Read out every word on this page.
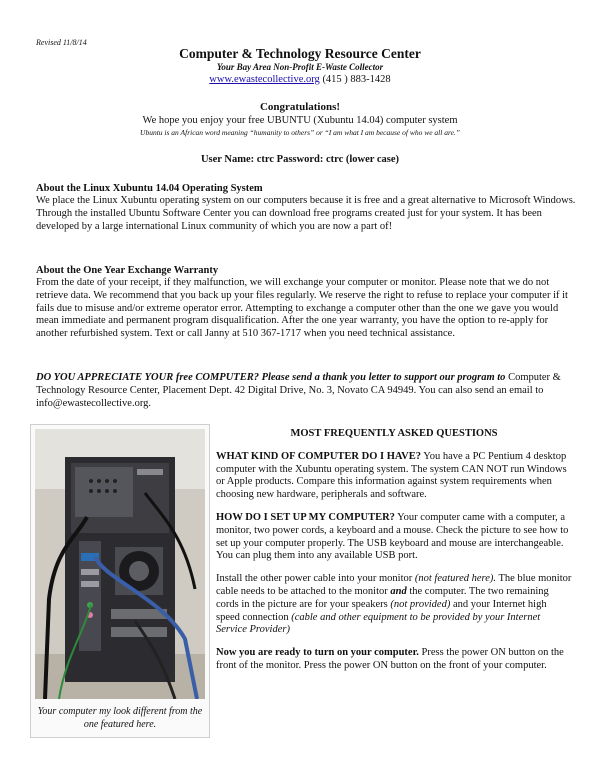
Revised 11/8/14
Computer & Technology Resource Center
Your Bay Area Non-Profit E-Waste Collector
www.ewastecollective.org (415 ) 883-1428
Congratulations!
We hope you enjoy your free UBUNTU (Xubuntu 14.04) computer system
Ubuntu is an African word meaning “humanity to others” or “I am what I am because of who we all are.”
User Name: ctrc Password: ctrc (lower case)
About the Linux Xubuntu 14.04 Operating System

We place the Linux Xubuntu operating system on our computers because it is free and a great alternative to Microsoft Windows. Through the installed Ubuntu Software Center you can download free programs created just for your system. It has been developed by a large international Linux community of which you are now a part of!

About the One Year Exchange Warranty

From the date of your receipt, if they malfunction, we will exchange your computer or monitor. Please note that we do not retrieve data. We recommend that you back up your files regularly. We reserve the right to refuse to replace your computer if it fails due to misuse and/or extreme operator error. Attempting to exchange a computer other than the one we gave you would mean immediate and permanent program disqualification. After the one year warranty, you have the option to re-apply for another refurbished system. Text or call Janny at 510 367-1717 when you need technical assistance.

DO YOU APPRECIATE YOUR free COMPUTER? Please send a thank you letter to support our program to Computer & Technology Resource Center, Placement Dept. 42 Digital Drive, No. 3, Novato CA 94949. You can also send an email to info@ewastecollective.org.

Your computer my look different from the one featured here.
MOST FREQUENTLY ASKED QUESTIONS

WHAT KIND OF COMPUTER DO I HAVE? You have a PC Pentium 4 desktop computer with the Xubuntu operating system. The system CAN NOT run Windows or Apple products. Compare this information against system requirements when choosing new hardware, peripherals and software.

HOW DO I SET UP MY COMPUTER? Your computer came with a computer, a monitor, two power cords, a keyboard and a mouse. Check the picture to see how to set up your computer properly. The USB keyboard and mouse are interchangeable. You can plug them into any available USB port.

Install the other power cable into your monitor (not featured here). The blue monitor cable needs to be attached to the monitor and the computer. The two remaining cords in the picture are for your speakers (not provided) and your Internet high speed connection (cable and other equipment to be provided by your Internet Service Provider)

Now you are ready to turn on your computer. Press the power ON button on the front of the monitor. Press the power ON button on the front of your computer.
